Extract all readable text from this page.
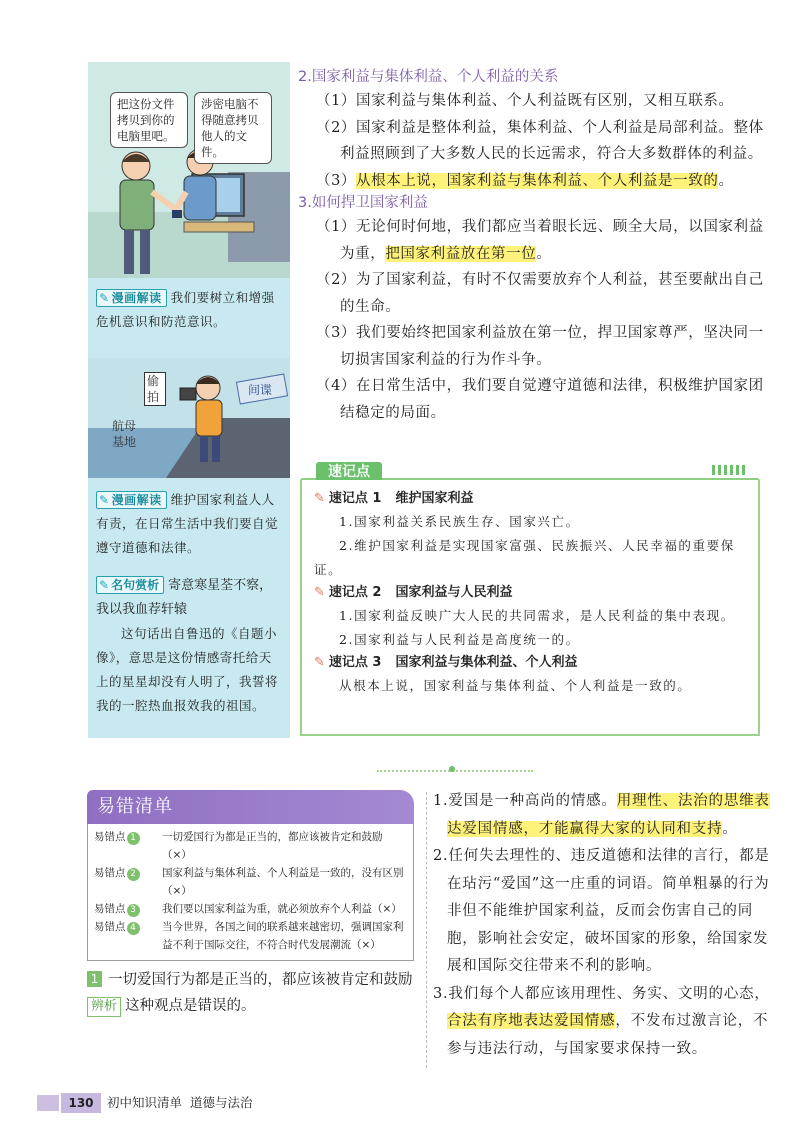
把这份文件拷贝到你的电脑里吧。
涉密电脑不得随意拷贝他人的文件。
✎ 漫画解读 我们要树立和增强危机意识和防范意识。
偷拍	间谍
航母基地
✎ 漫画解读 维护国家利益人人有责，在日常生活中我们要自觉遵守道德和法律。
✎ 名句赏析 寄意寒星荃不察，我以我血荐轩辕
这句话出自鲁迅的《自题小像》，意思是这份情感寄托给天上的星星却没有人明了，我誓将我的一腔热血报效我的祖国。
2.国家利益与集体利益、个人利益的关系
（1）国家利益与集体利益、个人利益既有区别，又相互联系。
（2）国家利益是整体利益，集体利益、个人利益是局部利益。整体利益照顾到了大多数人民的长远需求，符合大多数群体的利益。
（3）从根本上说，国家利益与集体利益、个人利益是一致的。
3.如何捍卫国家利益
（1）无论何时何地，我们都应当着眼长远、顾全大局，以国家利益为重，把国家利益放在第一位。
（2）为了国家利益，有时不仅需要放弃个人利益，甚至要献出自己的生命。
（3）我们要始终把国家利益放在第一位，捍卫国家尊严，坚决同一切损害国家利益的行为作斗争。
（4）在日常生活中，我们要自觉遵守道德和法律，积极维护国家团结稳定的局面。
速记点
✎ 速记点 1 维护国家利益
1.国家利益关系民族生存、国家兴亡。
2.维护国家利益是实现国家富强、民族振兴、人民幸福的重要保证。
✎ 速记点 2 国家利益与人民利益
1.国家利益反映广大人民的共同需求，是人民利益的集中表现。
2.国家利益与人民利益是高度统一的。
✎ 速记点 3 国家利益与集体利益、个人利益
从根本上说，国家利益与集体利益、个人利益是一致的。
易错清单
易错点 1	一切爱国行为都是正当的，都应该被肯定和鼓励（×）
易错点 2	国家利益与集体利益、个人利益是一致的，没有区别（×）
易错点 3	我们要以国家利益为重，就必须放弃个人利益（×）
易错点 4	当今世界，各国之间的联系越来越密切，强调国家利益不利于国际交往，不符合时代发展潮流（×）
1 一切爱国行为都是正当的，都应该被肯定和鼓励
辨析 这种观点是错误的。
1.爱国是一种高尚的情感。用理性、法治的思维表达爱国情感，才能赢得大家的认同和支持。
2.任何失去理性的、违反道德和法律的言行，都是在玷污“爱国”这一庄重的词语。简单粗暴的行为非但不能维护国家利益，反而会伤害自己的同胞，影响社会安定，破坏国家的形象，给国家发展和国际交往带来不利的影响。
3.我们每个人都应该用理性、务实、文明的心态，合法有序地表达爱国情感，不发布过激言论，不参与违法行动，与国家要求保持一致。
130	初中知识清单 道德与法治
